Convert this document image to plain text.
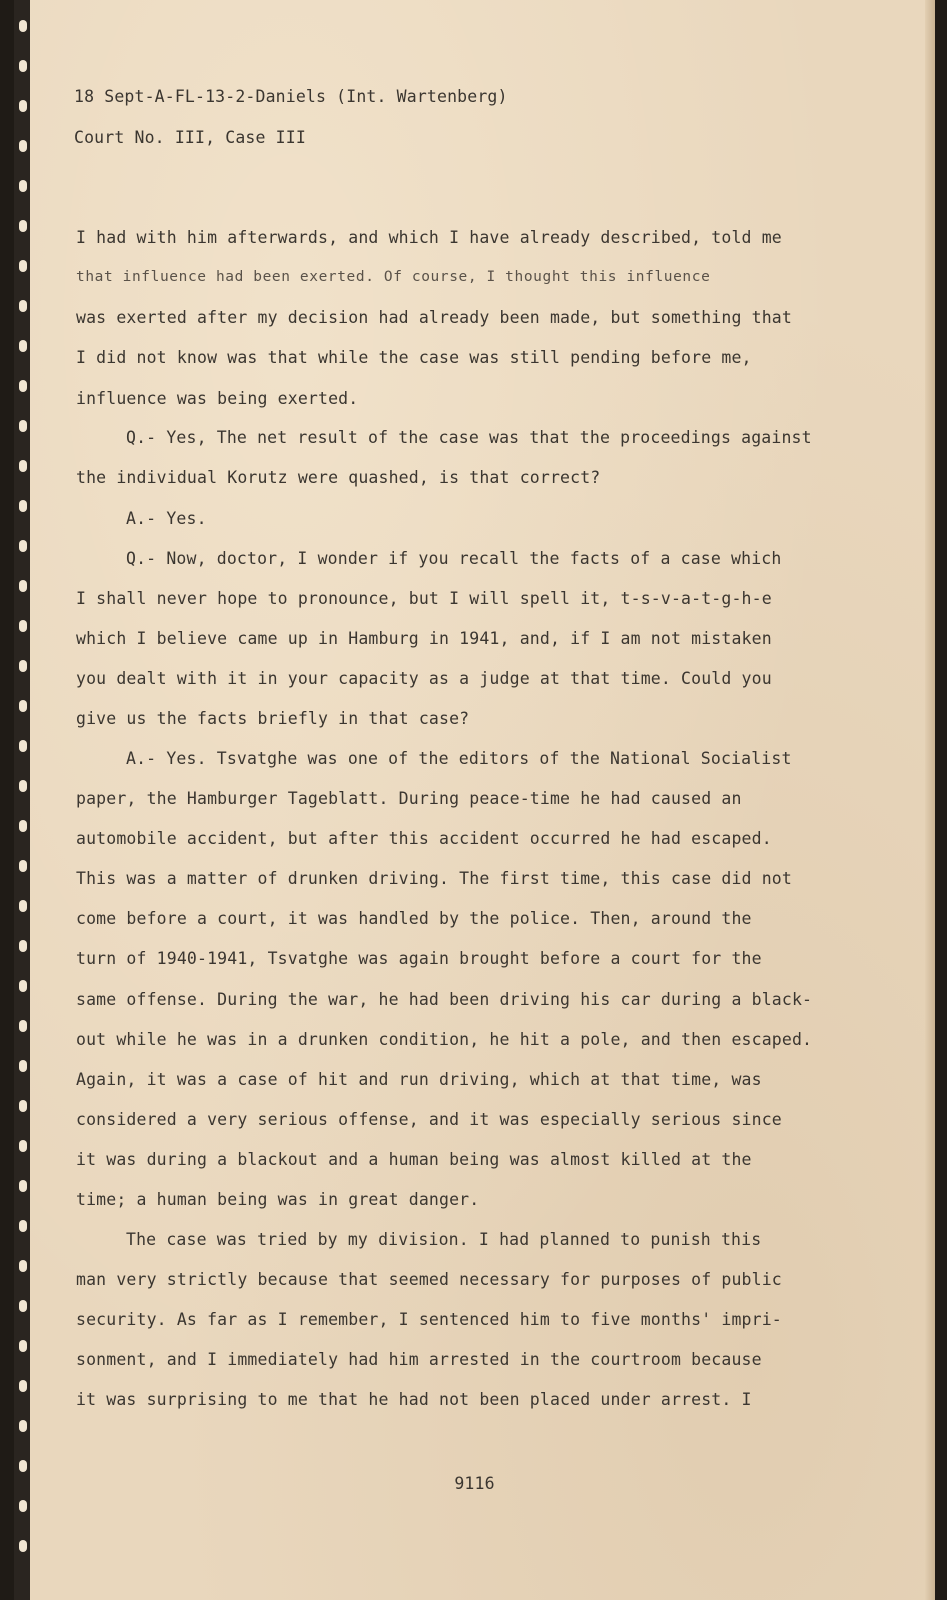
18 Sept-A-FL-13-2-Daniels (Int. Wartenberg)
Court No. III, Case III
I had with him afterwards, and which I have already described, told me
that influence had been exerted. Of course, I thought this influence
was exerted after my decision had already been made, but something that
I did not know was that while the case was still pending before me,
influence was being exerted.
Q.- Yes, The net result of the case was that the proceedings against
the individual Korutz were quashed, is that correct?
A.- Yes.
Q.- Now, doctor, I wonder if you recall the facts of a case which
I shall never hope to pronounce, but I will spell it, t-s-v-a-t-g-h-e
which I believe came up in Hamburg in 1941, and, if I am not mistaken
you dealt with it in your capacity as a judge at that time. Could you
give us the facts briefly in that case?
A.- Yes. Tsvatghe was one of the editors of the National Socialist
paper, the Hamburger Tageblatt. During peace-time he had caused an
automobile accident, but after this accident occurred he had escaped.
This was a matter of drunken driving. The first time, this case did not
come before a court, it was handled by the police. Then, around the
turn of 1940-1941, Tsvatghe was again brought before a court for the
same offense. During the war, he had been driving his car during a black-
out while he was in a drunken condition, he hit a pole, and then escaped.
Again, it was a case of hit and run driving, which at that time, was
considered a very serious offense, and it was especially serious since
it was during a blackout and a human being was almost killed at the
time; a human being was in great danger.
The case was tried by my division. I had planned to punish this
man very strictly because that seemed necessary for purposes of public
security. As far as I remember, I sentenced him to five months' impri-
sonment, and I immediately had him arrested in the courtroom because
it was surprising to me that he had not been placed under arrest. I
9116
